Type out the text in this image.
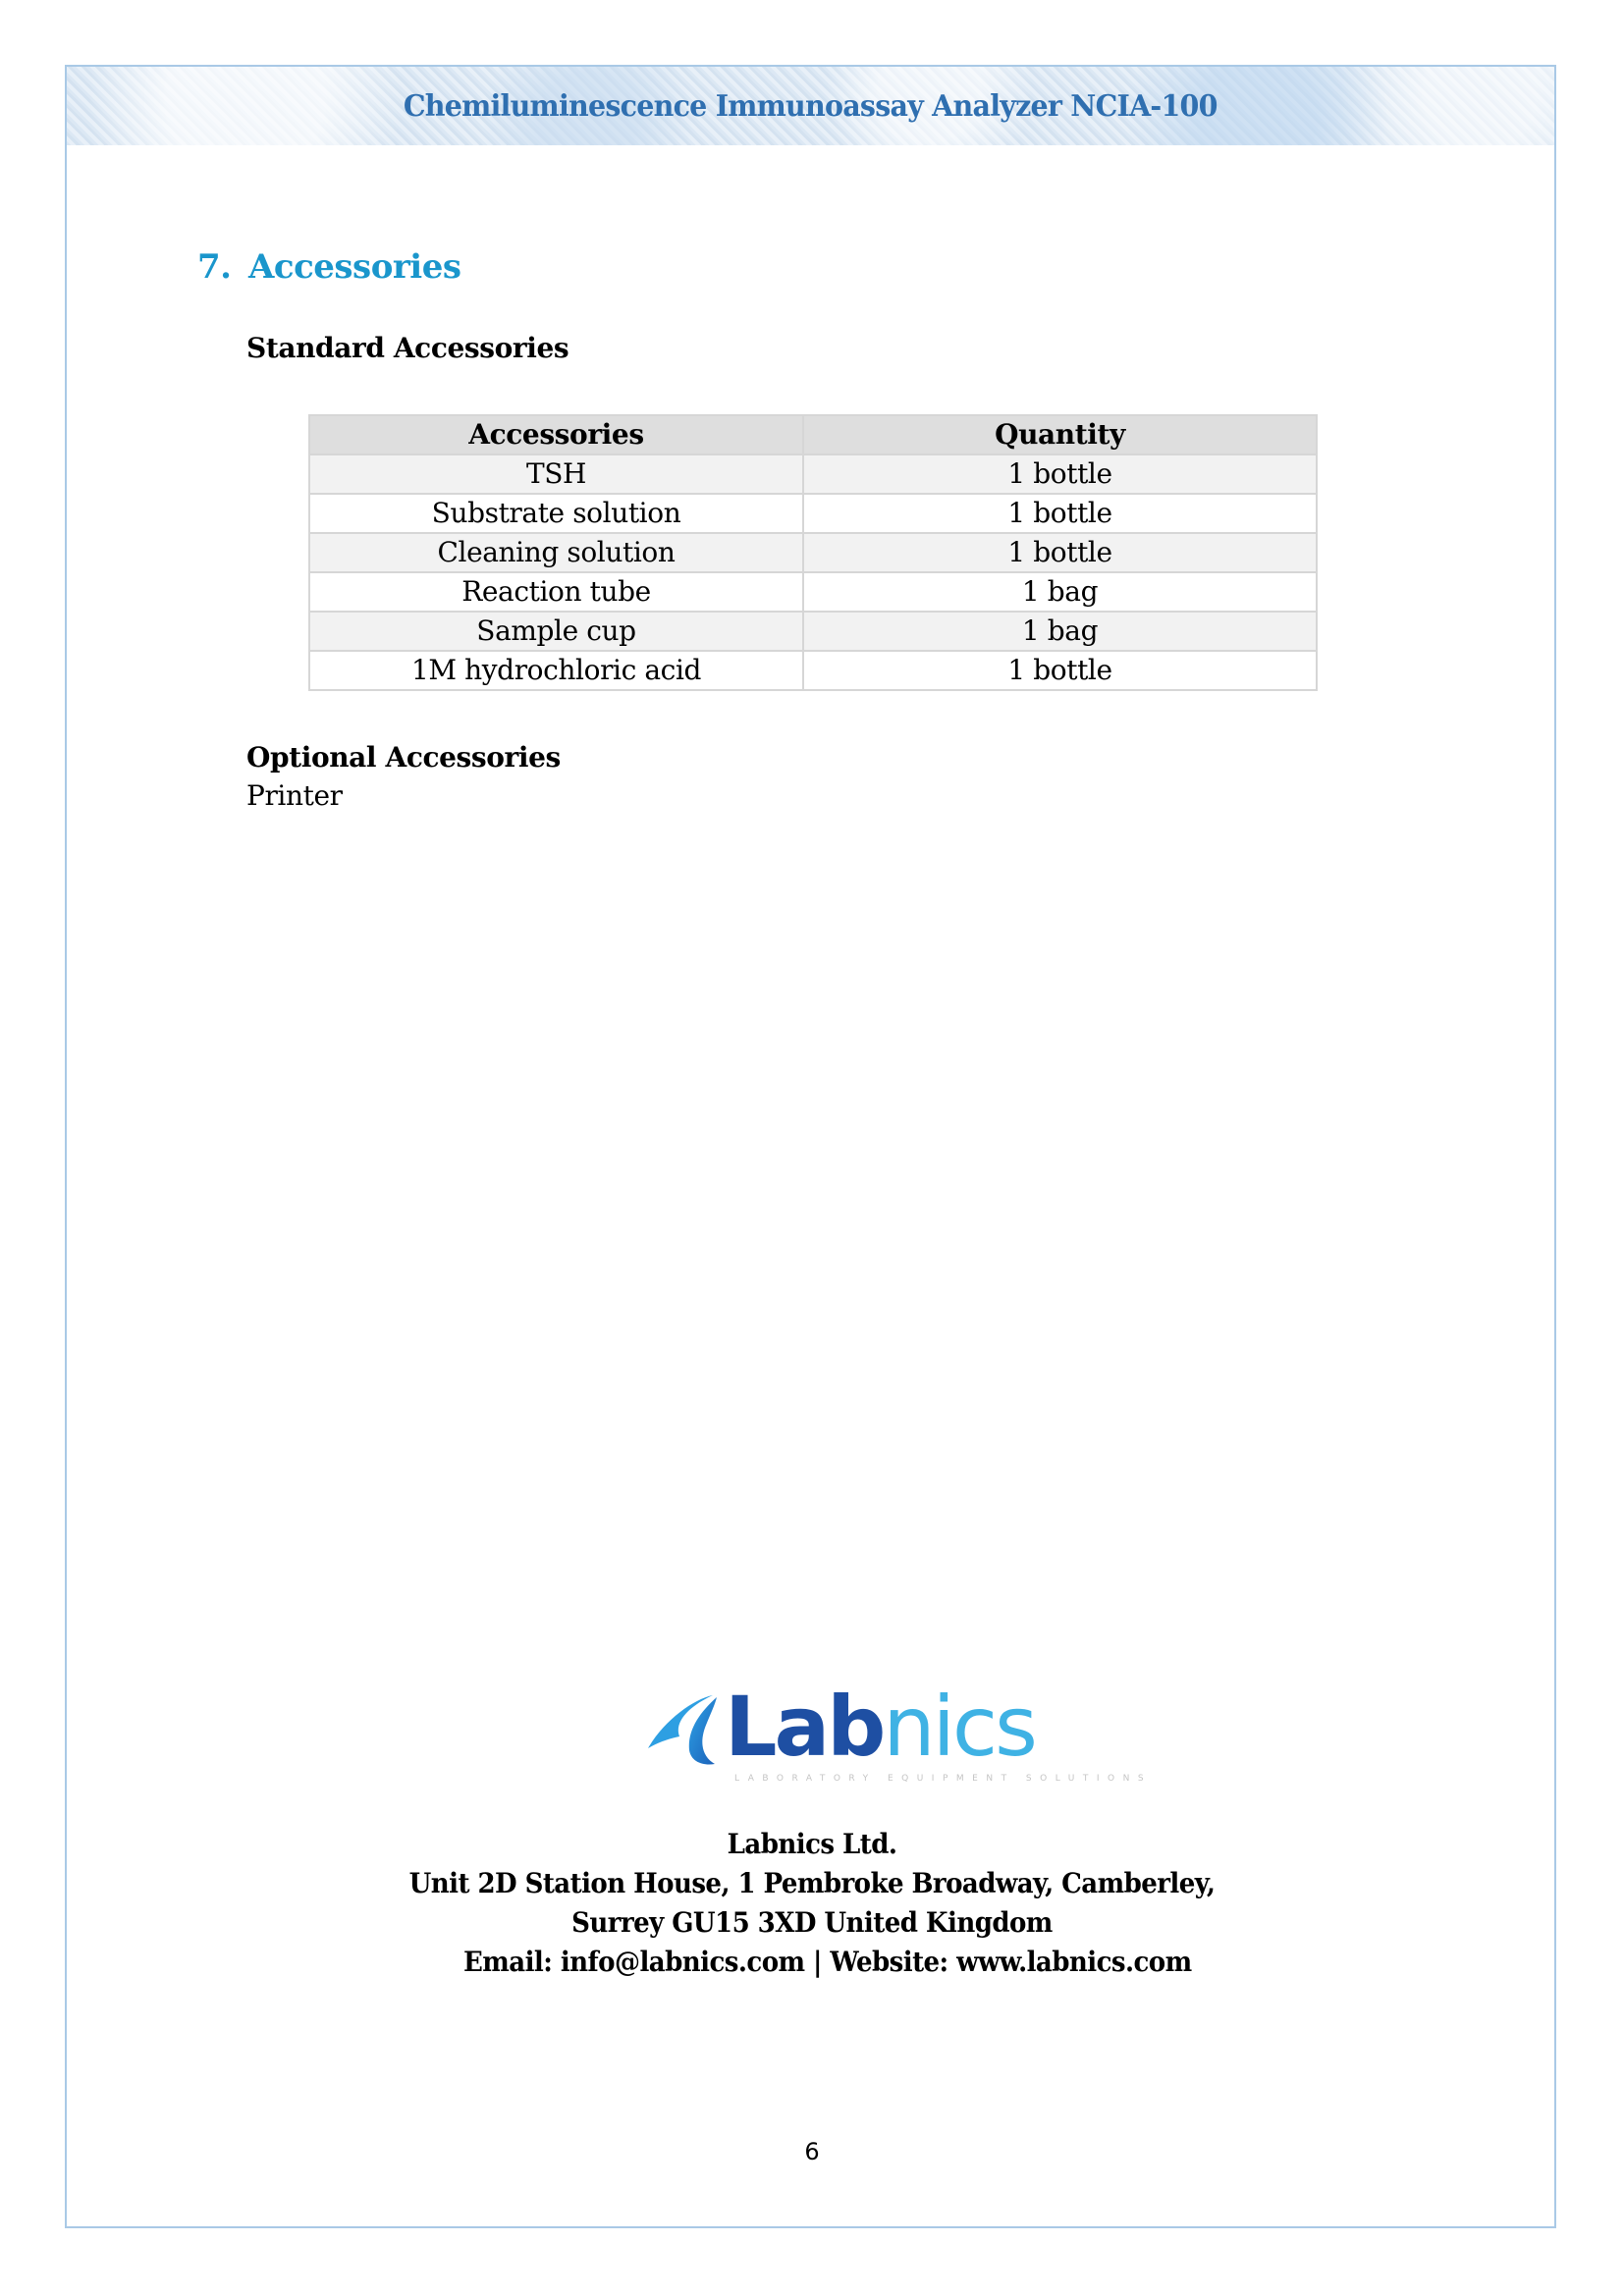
Chemiluminescence Immunoassay Analyzer NCIA-100
7. Accessories
Standard Accessories
Accessories	Quantity
TSH	1 bottle
Substrate solution	1 bottle
Cleaning solution	1 bottle
Reaction tube	1 bag
Sample cup	1 bag
1M hydrochloric acid	1 bottle
Optional Accessories

Printer

Labnics
LABORATORY EQUIPMENT SOLUTIONS
Labnics Ltd.
Unit 2D Station House, 1 Pembroke Broadway, Camberley,
Surrey GU15 3XD United Kingdom
Email: info@labnics.com | Website: www.labnics.com
6
